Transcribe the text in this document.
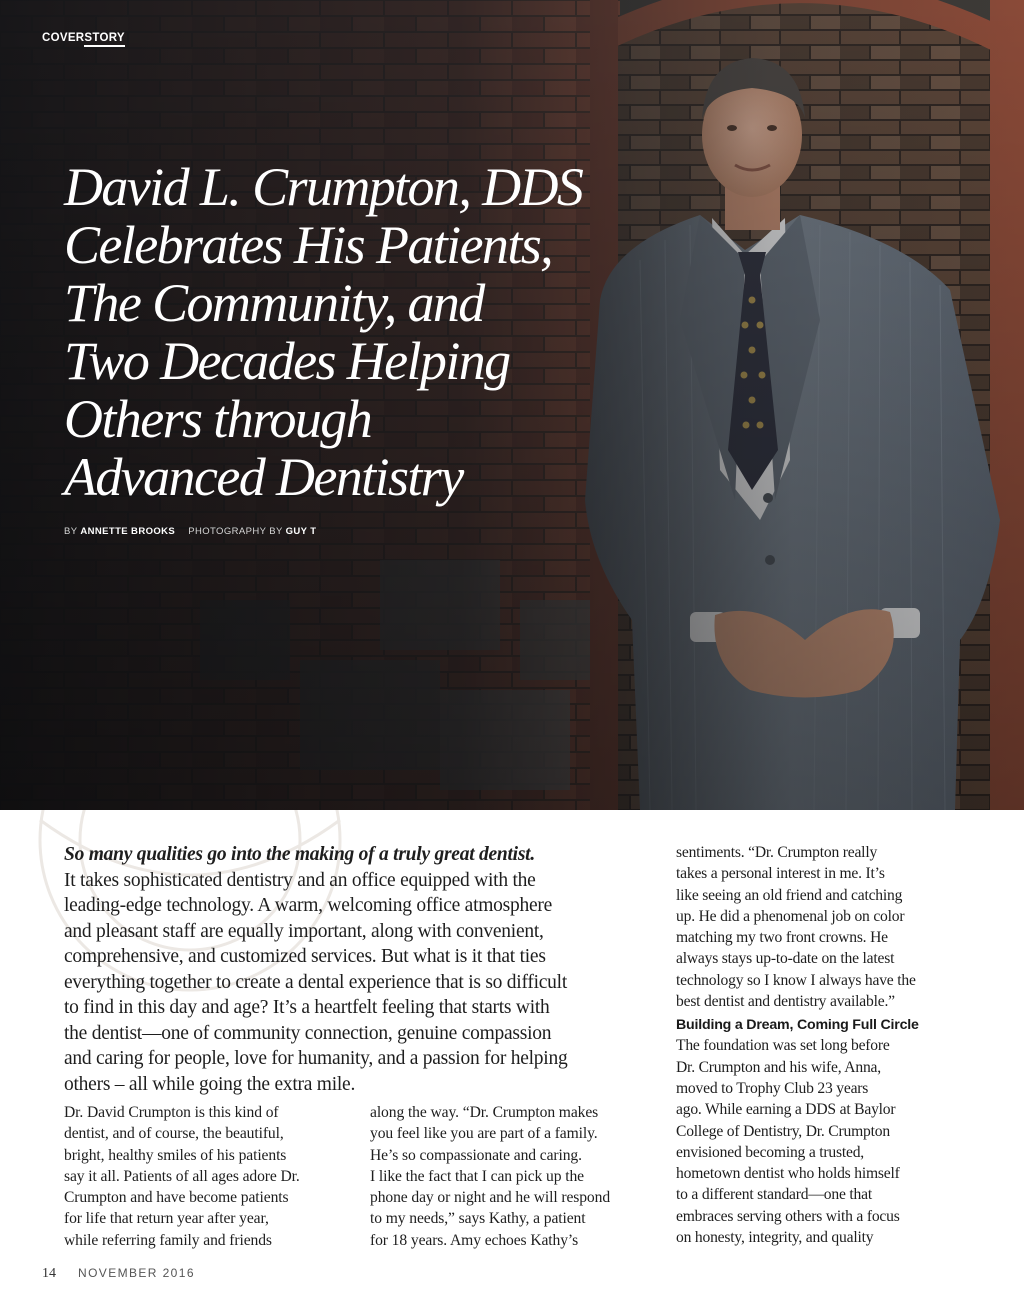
COVERSTORY
David L. Crumpton, DDS
Celebrates His Patients,
The Community, and
Two Decades Helping
Others through
Advanced Dentistry
BY ANNETTE BROOKS PHOTOGRAPHY BY GUY T
So many qualities go into the making of a truly great dentist.
It takes sophisticated dentistry and an office equipped with the
leading-edge technology. A warm, welcoming office atmosphere
and pleasant staff are equally important, along with convenient,
comprehensive, and customized services. But what is it that ties
everything together to create a dental experience that is so difficult
to find in this day and age? It’s a heartfelt feeling that starts with
the dentist—one of community connection, genuine compassion
and caring for people, love for humanity, and a passion for helping
others – all while going the extra mile.
Dr. David Crumpton is this kind of
dentist, and of course, the beautiful,
bright, healthy smiles of his patients
say it all. Patients of all ages adore Dr.
Crumpton and have become patients
for life that return year after year,
while referring family and friends
along the way. “Dr. Crumpton makes
you feel like you are part of a family.
He’s so compassionate and caring.
I like the fact that I can pick up the
phone day or night and he will respond
to my needs,” says Kathy, a patient
for 18 years. Amy echoes Kathy’s
sentiments. “Dr. Crumpton really
takes a personal interest in me. It’s
like seeing an old friend and catching
up. He did a phenomenal job on color
matching my two front crowns. He
always stays up-to-date on the latest
technology so I know I always have the
best dentist and dentistry available.”
Building a Dream, Coming Full Circle
The foundation was set long before
Dr. Crumpton and his wife, Anna,
moved to Trophy Club 23 years
ago. While earning a DDS at Baylor
College of Dentistry, Dr. Crumpton
envisioned becoming a trusted,
hometown dentist who holds himself
to a different standard—one that
embraces serving others with a focus
on honesty, integrity, and quality
14 NOVEMBER 2016
